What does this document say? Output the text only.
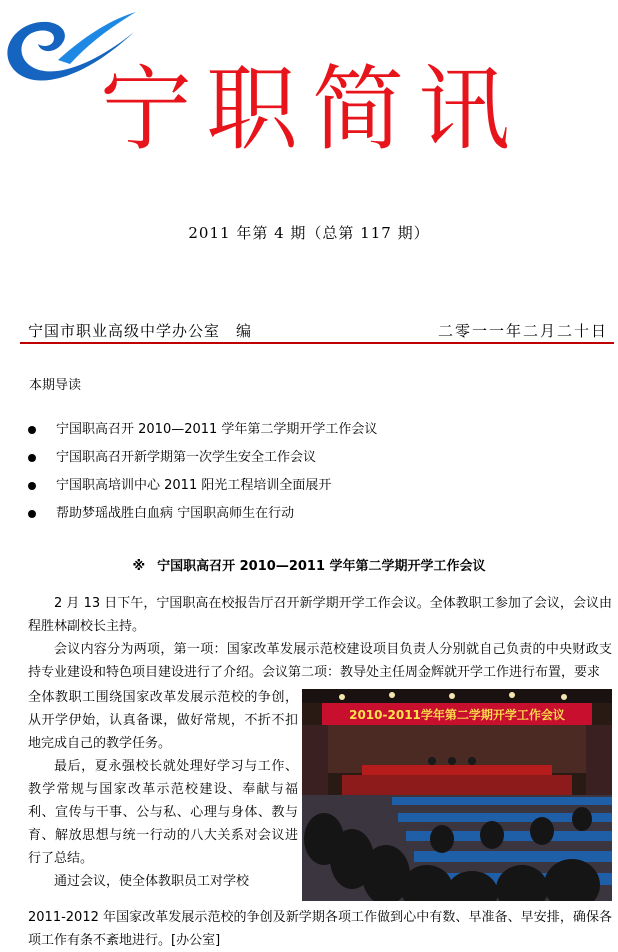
宁职简讯
2011 年第 4 期（总第 117 期）
宁国市职业高级中学办公室　编	二零一一年二月二十日
本期导读
宁国职高召开 2010—2011 学年第二学期开学工作会议
宁国职高召开新学期第一次学生安全工作会议
宁国职高培训中心 2011 阳光工程培训全面展开
帮助梦瑶战胜白血病 宁国职高师生在行动
※ 宁国职高召开 2010—2011 学年第二学期开学工作会议
2 月 13 日下午，宁国职高在校报告厅召开新学期开学工作会议。全体教职工参加了会议，会议由程胜林副校长主持。
会议内容分为两项，第一项：国家改革发展示范校建设项目负责人分别就自己负责的中央财政支持专业建设和特色项目建设进行了介绍。会议第二项：教导处主任周金辉就开学工作进行布置，要求

全体教职工围绕国家改革发展示范校的争创，从开学伊始，认真备课，做好常规，不折不扣地完成自己的教学任务。

最后，夏永强校长就处理好学习与工作、教学常规与国家改革示范校建设、奉献与福利、宣传与干事、公与私、心理与身体、教与育、解放思想与统一行动的八大关系对会议进行了总结。

通过会议，使全体教职员工对学校

2011-2012 年国家改革发展示范校的争创及新学期各项工作做到心中有数、早准备、早安排，确保各项工作有条不紊地进行。[办公室]

2010-2011学年第二学期开学工作会议
